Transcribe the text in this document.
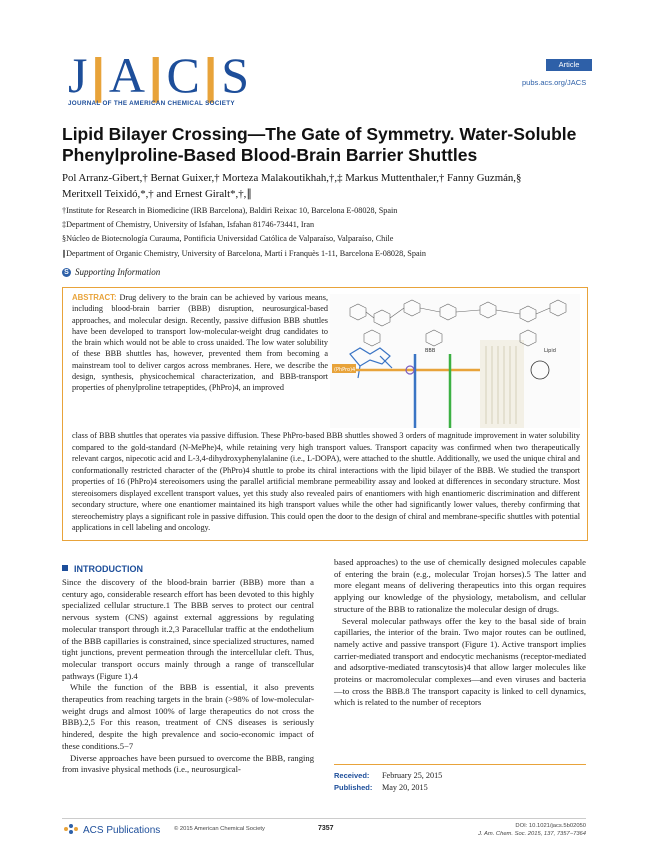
J|A|C|S
JOURNAL OF THE AMERICAN CHEMICAL SOCIETY
Article
pubs.acs.org/JACS
Lipid Bilayer Crossing—The Gate of Symmetry. Water-Soluble Phenylproline-Based Blood-Brain Barrier Shuttles
Pol Arranz-Gibert,† Bernat Guixer,† Morteza Malakoutikhah,†,‡ Markus Muttenthaler,† Fanny Guzmán,§
Meritxell Teixidó,*,† and Ernest Giralt*,†,∥
†Institute for Research in Biomedicine (IRB Barcelona), Baldiri Reixac 10, Barcelona E-08028, Spain
‡Department of Chemistry, University of Isfahan, Isfahan 81746-73441, Iran
§Núcleo de Biotecnología Curauma, Pontificia Universidad Católica de Valparaíso, Valparaíso, Chile
∥Department of Organic Chemistry, University of Barcelona, Martí i Franquès 1-11, Barcelona E-08028, Spain
S Supporting Information
ABSTRACT: Drug delivery to the brain can be achieved by various means, including blood-brain barrier (BBB) disruption, neurosurgical-based approaches, and molecular design. Recently, passive diffusion BBB shuttles have been developed to transport low-molecular-weight drug candidates to the brain which would not be able to cross unaided. The low water solubility of these BBB shuttles has, however, prevented them from becoming a mainstream tool to deliver cargos across membranes. Here, we describe the design, synthesis, physicochemical characterization, and BBB-transport properties of phenylproline tetrapeptides, (PhPro)4, an improved
class of BBB shuttles that operates via passive diffusion. These PhPro-based BBB shuttles showed 3 orders of magnitude improvement in water solubility compared to the gold-standard (N-MePhe)4, while retaining very high transport values. Transport capacity was confirmed when two therapeutically relevant cargos, nipecotic acid and L-3,4-dihydroxyphenylalanine (i.e., L-DOPA), were attached to the shuttle. Additionally, we used the unique chiral and conformationally restricted character of the (PhPro)4 shuttle to probe its chiral interactions with the lipid bilayer of the BBB. We studied the transport properties of 16 (PhPro)4 stereoisomers using the parallel artificial membrane permeability assay and looked at differences in secondary structure. Most stereoisomers displayed excellent transport values, yet this study also revealed pairs of enantiomers with high enantiomeric discrimination and different secondary structure, where one enantiomer maintained its high transport values while the other had significantly lower values, thereby confirming that stereochemistry plays a significant role in passive diffusion. This could open the door to the design of chiral and membrane-specific shuttles with potential applications in cell labeling and oncology.
(PhPro)4
BBB	Lipid
INTRODUCTION

Since the discovery of the blood-brain barrier (BBB) more than a century ago, considerable research effort has been devoted to this highly specialized cellular structure.1 The BBB serves to protect our central nervous system (CNS) against external aggressions by regulating molecular transport through it.2,3 Paracellular traffic at the endothelium of the BBB capillaries is constrained, since specialized structures, named tight junctions, prevent permeation through the intercellular cleft. Thus, molecular transport occurs mainly through a range of transcellular pathways (Figure 1).4

While the function of the BBB is essential, it also prevents therapeutics from reaching targets in the brain (>98% of low-molecular-weight drugs and almost 100% of large therapeutics do not cross the BBB).2,5 For this reason, treatment of CNS diseases is seriously hindered, despite the high prevalence and socio-economic impact of these conditions.5−7

Diverse approaches have been pursued to overcome the BBB, ranging from invasive physical methods (i.e., neurosurgical-

based approaches) to the use of chemically designed molecules capable of entering the brain (e.g., molecular Trojan horses).5 The latter and more elegant means of delivering therapeutics into this organ requires applying our knowledge of the physiology, metabolism, and cellular structure of the BBB to rationalize the molecular design of drugs.

Several molecular pathways offer the key to the basal side of brain capillaries, the interior of the brain. Two major routes can be outlined, namely active and passive transport (Figure 1). Active transport implies carrier-mediated transport and endocytic mechanisms (receptor-mediated and adsorptive-mediated transcytosis)4 that allow larger molecules like proteins or macromolecular complexes—and even viruses and bacteria—to cross the BBB.8 The transport capacity is linked to cell dynamics, which is related to the number of receptors

Received: February 25, 2015
Published: May 20, 2015
ACS Publications © 2015 American Chemical Society	7357	DOI: 10.1021/jacs.5b02050
J. Am. Chem. Soc. 2015, 137, 7357−7364
